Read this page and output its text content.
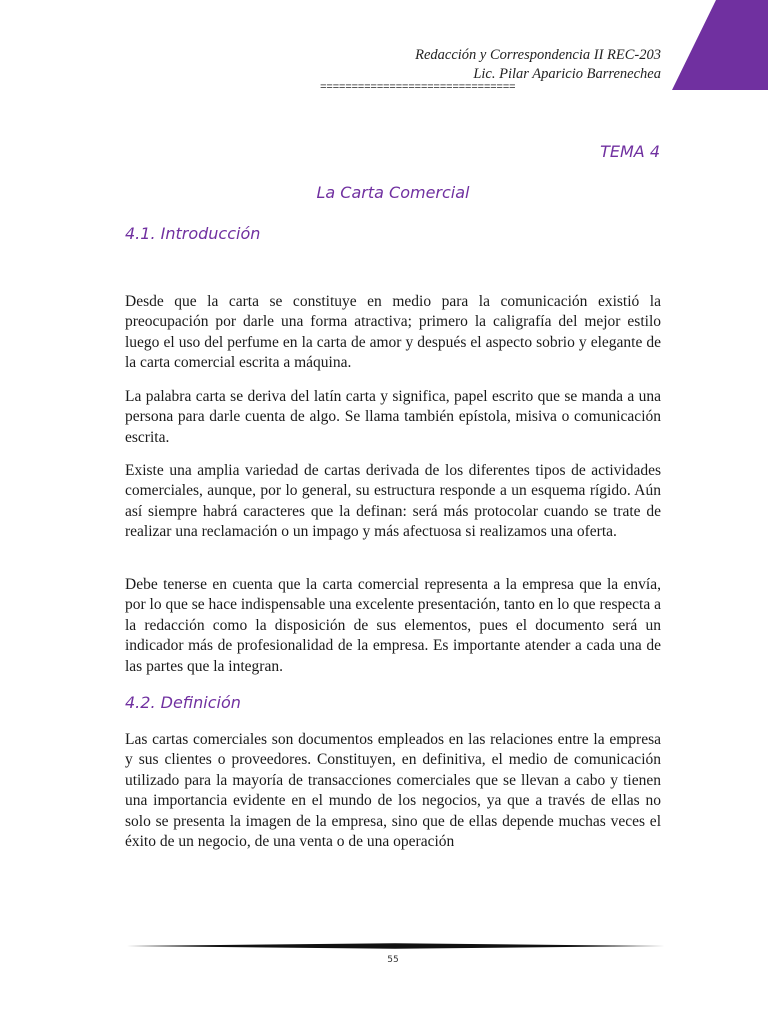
Redacción y Correspondencia II REC-203
Lic. Pilar Aparicio Barrenechea
===============================
TEMA 4
La Carta Comercial
4.1. Introducción

Desde que la carta se constituye en medio para la comunicación existió la preocupación por darle una forma atractiva; primero la caligrafía del mejor estilo luego el uso del perfume en la carta de amor y después el aspecto sobrio y elegante de la carta comercial escrita a máquina.

La palabra carta se deriva del latín carta y significa, papel escrito que se manda a una persona para darle cuenta de algo. Se llama también epístola, misiva o comunicación escrita.

Existe una amplia variedad de cartas derivada de los diferentes tipos de actividades comerciales, aunque, por lo general, su estructura responde a un esquema rígido. Aún así siempre habrá caracteres que la definan: será más protocolar cuando se trate de realizar una reclamación o un impago y más afectuosa si realizamos una oferta.

Debe tenerse en cuenta que la carta comercial representa a la empresa que la envía, por lo que se hace indispensable una excelente presentación, tanto en lo que respecta a la redacción como la disposición de sus elementos, pues el documento será un indicador más de profesionalidad de la empresa. Es importante atender a cada una de las partes que la integran.

4.2. Definición

Las cartas comerciales son documentos empleados en las relaciones entre la empresa y sus clientes o proveedores. Constituyen, en definitiva, el medio de comunicación utilizado para la mayoría de transacciones comerciales que se llevan a cabo y tienen una importancia evidente en el mundo de los negocios, ya que a través de ellas no solo se presenta la imagen de la empresa, sino que de ellas depende muchas veces el éxito de un negocio, de una venta o de una operación

55
